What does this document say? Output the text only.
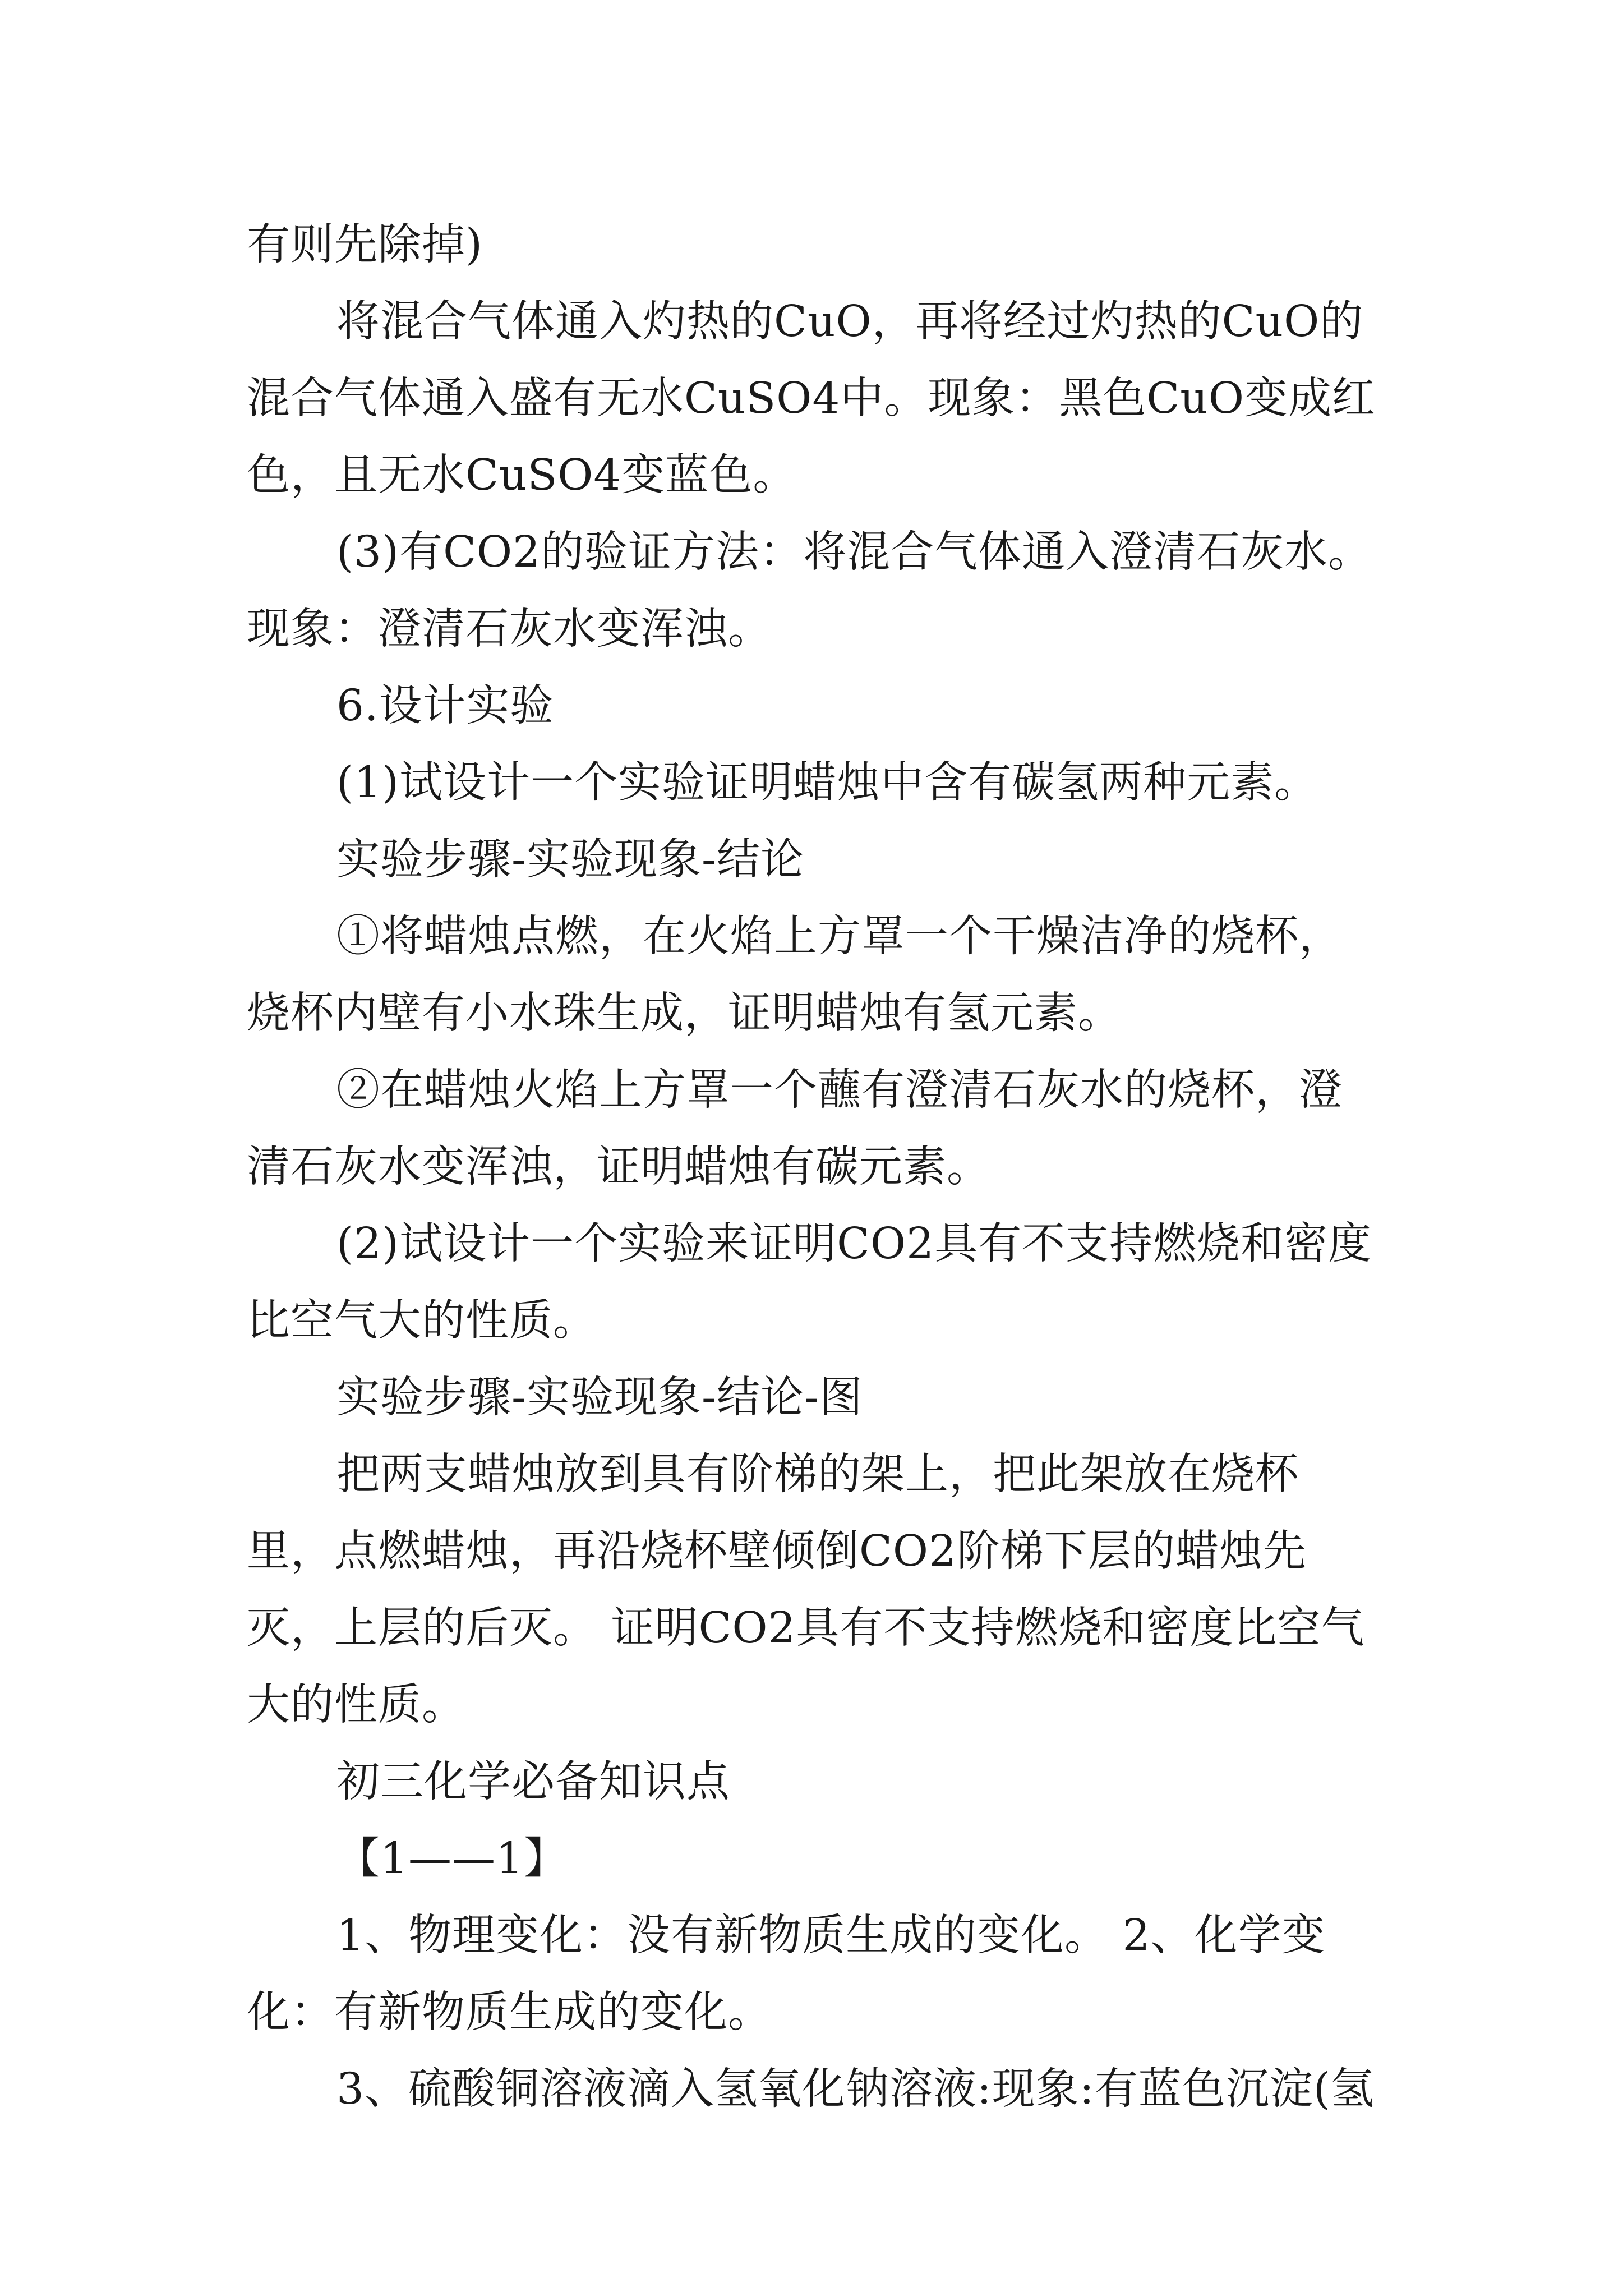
有则先除掉)

将混合气体通入灼热的CuO，再将经过灼热的CuO的混合气体通入盛有无水CuSO4中。现象：黑色CuO变成红色，且无水CuSO4变蓝色。

(3)有CO2的验证方法：将混合气体通入澄清石灰水。现象：澄清石灰水变浑浊。

6.设计实验

(1)试设计一个实验证明蜡烛中含有碳氢两种元素。

实验步骤-实验现象-结论

①将蜡烛点燃，在火焰上方罩一个干燥洁净的烧杯，烧杯内壁有小水珠生成，证明蜡烛有氢元素。

②在蜡烛火焰上方罩一个蘸有澄清石灰水的烧杯，澄清石灰水变浑浊，证明蜡烛有碳元素。

(2)试设计一个实验来证明CO2具有不支持燃烧和密度比空气大的性质。

实验步骤-实验现象-结论-图

把两支蜡烛放到具有阶梯的架上，把此架放在烧杯里，点燃蜡烛，再沿烧杯壁倾倒CO2阶梯下层的蜡烛先灭，上层的后灭。 证明CO2具有不支持燃烧和密度比空气大的性质。

初三化学必备知识点

【1——1】

1、物理变化：没有新物质生成的变化。 2、化学变化：有新物质生成的变化。

3、硫酸铜溶液滴入氢氧化钠溶液:现象:有蓝色沉淀(氢
